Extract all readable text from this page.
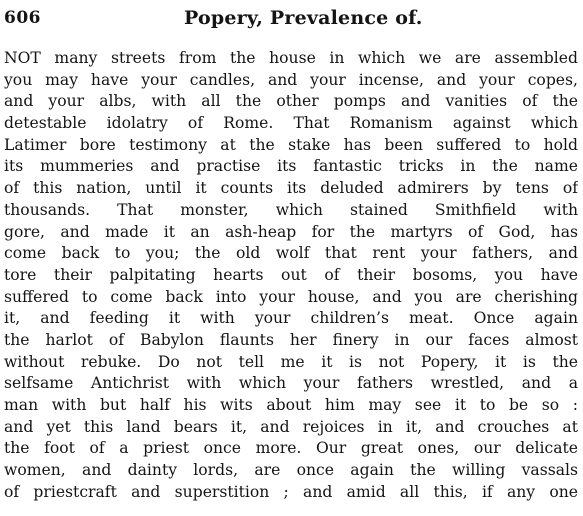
606	Popery, Prevalence of.
NOT many streets from the house in which we are assembled
you may have your candles, and your incense, and your copes,
and your albs, with all the other pomps and vanities of the
detestable idolatry of Rome. That Romanism against which
Latimer bore testimony at the stake has been suffered to hold
its mummeries and practise its fantastic tricks in the name
of this nation, until it counts its deluded admirers by tens of
thousands. That monster, which stained Smithfield with
gore, and made it an ash-heap for the martyrs of God, has
come back to you; the old wolf that rent your fathers, and
tore their palpitating hearts out of their bosoms, you have
suffered to come back into your house, and you are cherishing
it, and feeding it with your children’s meat. Once again
the harlot of Babylon flaunts her finery in our faces almost
without rebuke. Do not tell me it is not Popery, it is the
selfsame Antichrist with which your fathers wrestled, and a
man with but half his wits about him may see it to be so :
and yet this land bears it, and rejoices in it, and crouches at
the foot of a priest once more. Our great ones, our delicate
women, and dainty lords, are once again the willing vassals
of priestcraft and superstition ; and amid all this, if any one
